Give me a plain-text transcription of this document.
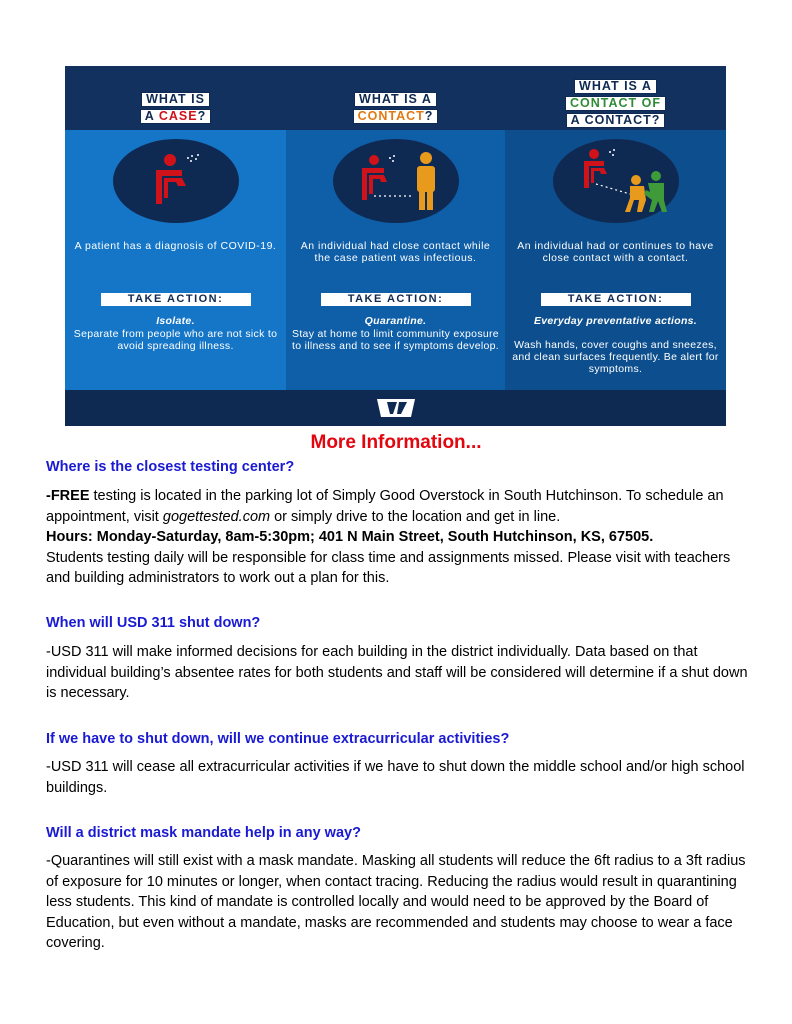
WHAT IS
A CASE?
A patient has a diagnosis of COVID-19.
TAKE ACTION:
Isolate.
Separate from people who are not sick to avoid spreading illness.
WHAT IS A
CONTACT?
An individual had close contact while the case patient was infectious.
TAKE ACTION:
Quarantine.
Stay at home to limit community exposure to illness and to see if symptoms develop.
WHAT IS A
CONTACT OF
A CONTACT?
An individual had or continues to have close contact with a contact.
TAKE ACTION:
Everyday preventative actions.
Wash hands, cover coughs and sneezes, and clean surfaces frequently. Be alert for symptoms.
More Information...
Where is the closest testing center?

-FREE testing is located in the parking lot of Simply Good Overstock in South Hutchinson. To schedule an appointment, visit gogettested.com or simply drive to the location and get in line.

Hours: Monday-Saturday, 8am-5:30pm; 401 N Main Street, South Hutchinson, KS, 67505.

Students testing daily will be responsible for class time and assignments missed. Please visit with teachers and building administrators to work out a plan for this.

When will USD 311 shut down?

-USD 311 will make informed decisions for each building in the district individually. Data based on that individual building’s absentee rates for both students and staff will be considered will determine if a shut down is necessary.

If we have to shut down, will we continue extracurricular activities?

-USD 311 will cease all extracurricular activities if we have to shut down the middle school and/or high school buildings.

Will a district mask mandate help in any way?

-Quarantines will still exist with a mask mandate. Masking all students will reduce the 6ft radius to a 3ft radius of exposure for 10 minutes or longer, when contact tracing. Reducing the radius would result in quarantining less students. This kind of mandate is controlled locally and would need to be approved by the Board of Education, but even without a mandate, masks are recommended and students may choose to wear a face covering.
